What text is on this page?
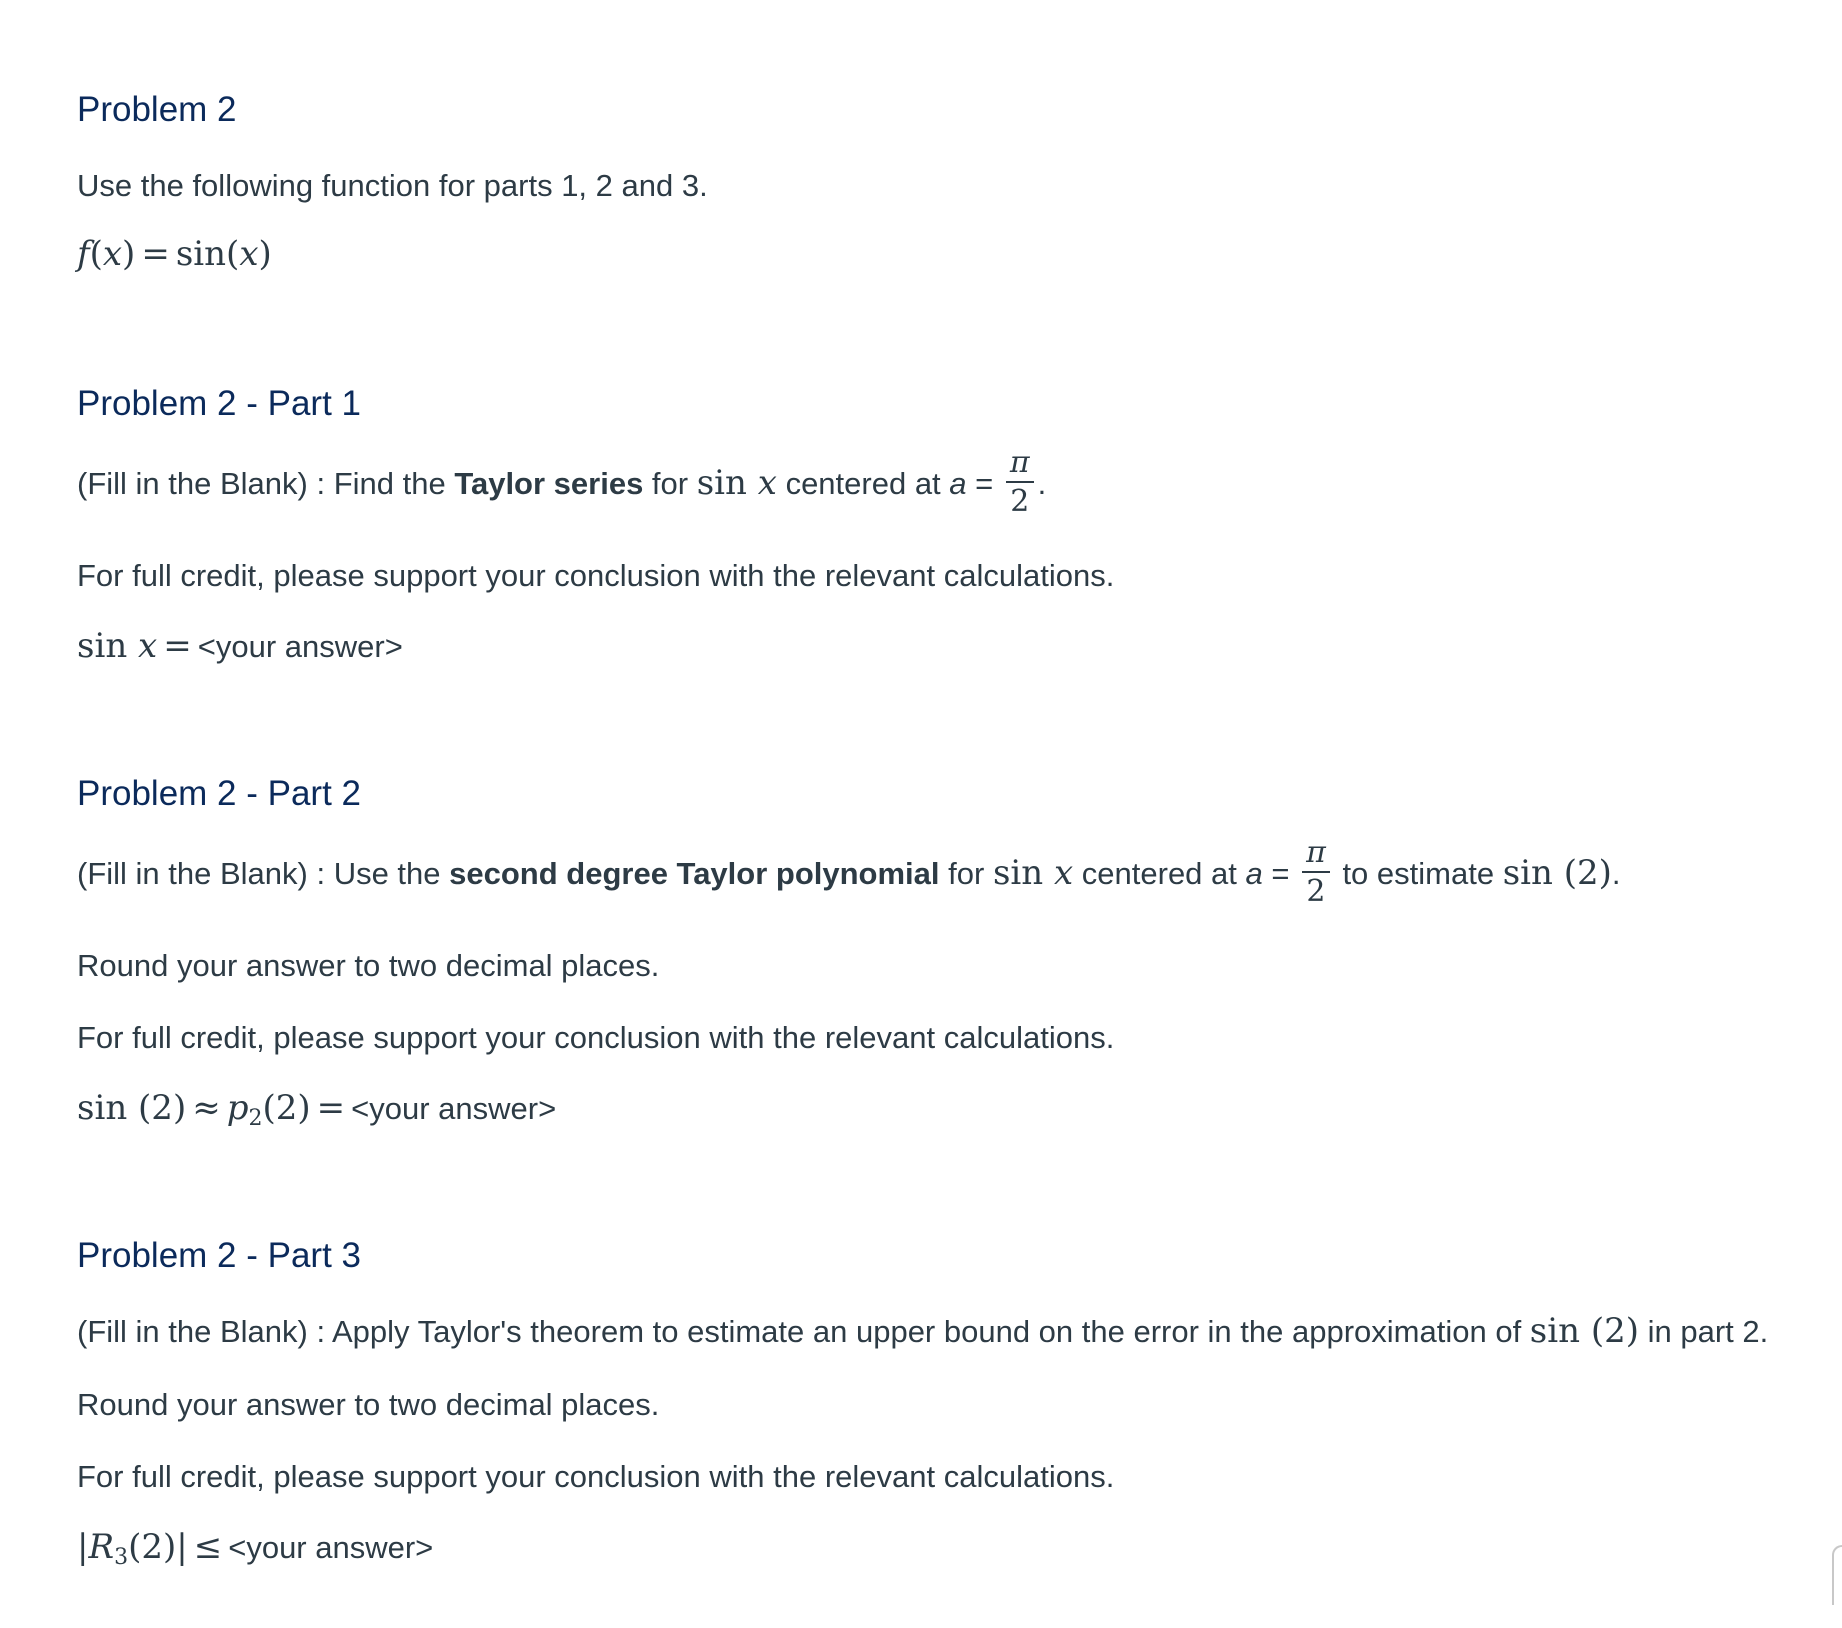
Problem 2
Use the following function for parts 1, 2 and 3.
f(x) = sin(x)
Problem 2 - Part 1
(Fill in the Blank) : Find the Taylor series for sin x centered at $a = \frac{\pi}{2}$ .
For full credit, please support your conclusion with the relevant calculations.
sin x = <your answer>
Problem 2 - Part 2
(Fill in the Blank) : Use the second degree Taylor polynomial for sin x centered at $a = \frac{\pi}{2}$ to estimate sin (2).
Round your answer to two decimal places.
For full credit, please support your conclusion with the relevant calculations.
$\sin (2) \approx p_2(2)$ = <your answer>
Problem 2 - Part 3
(Fill in the Blank) : Apply Taylor's theorem to estimate an upper bound on the error in the approximation of sin (2) in part 2.
Round your answer to two decimal places.
For full credit, please support your conclusion with the relevant calculations.
$|R_3(2)|$ ≤ <your answer>
